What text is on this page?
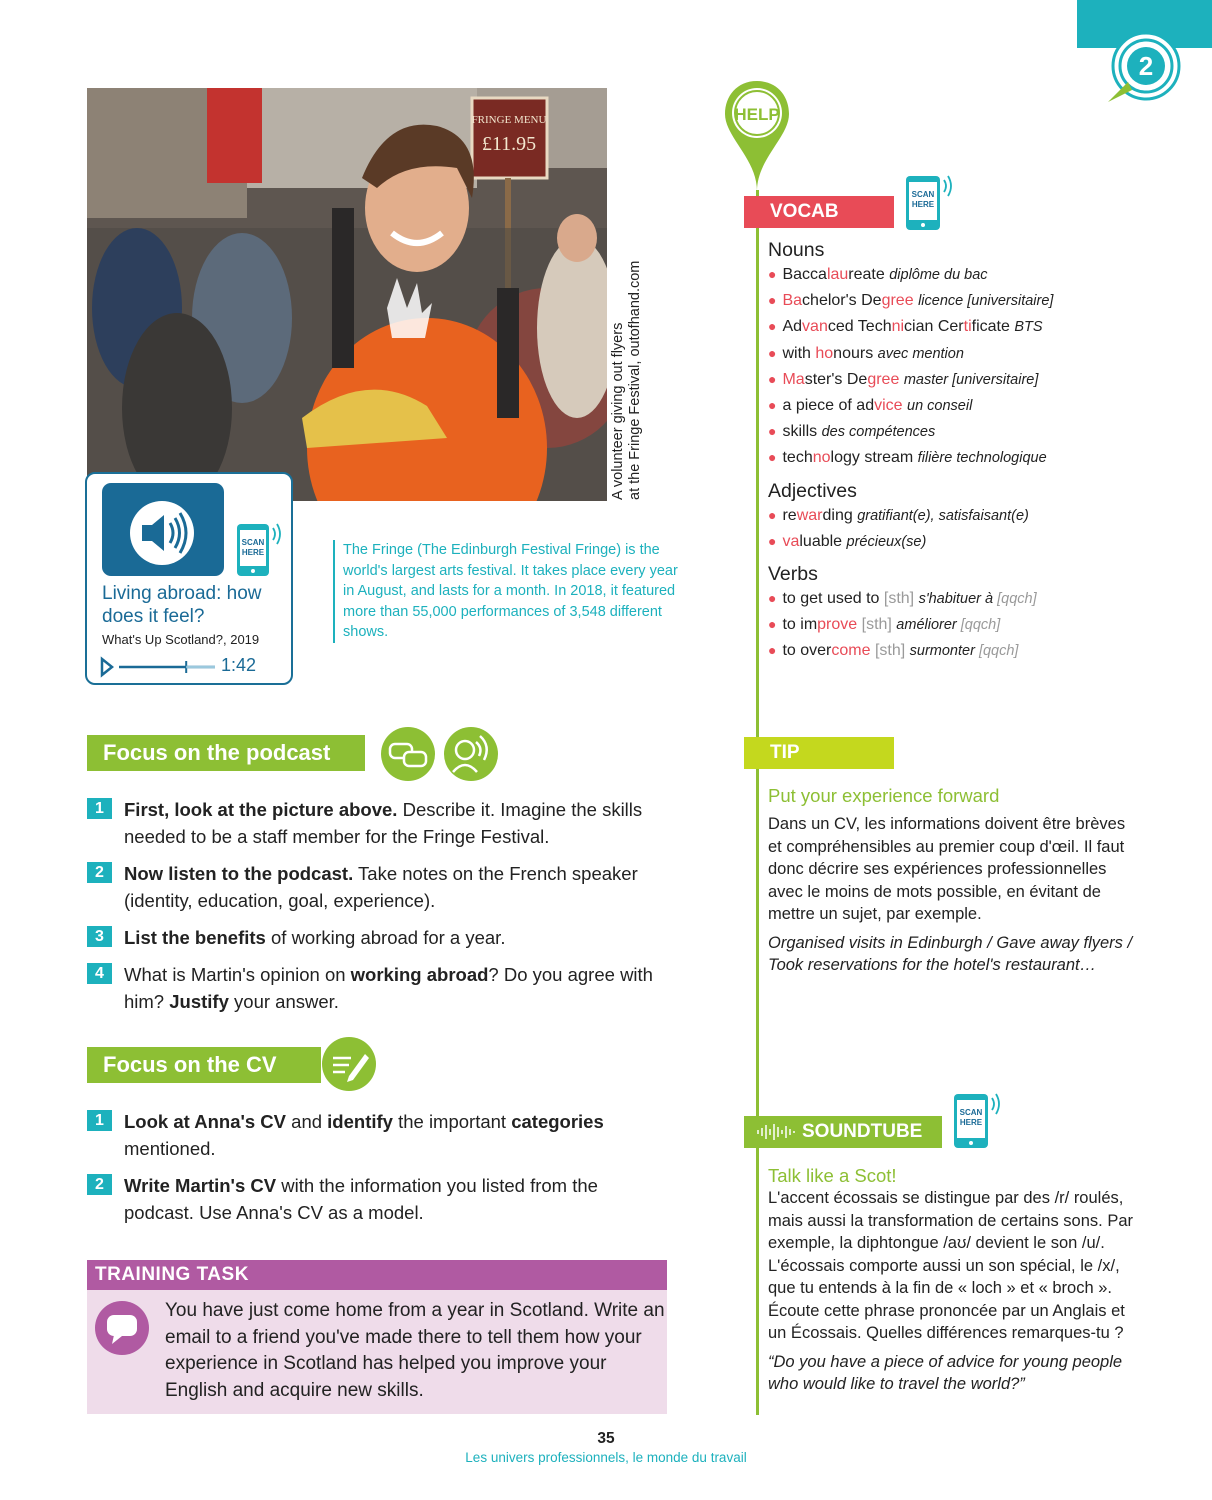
2
FRINGE MENU
£11.95
A volunteer giving out flyers at the Fringe Festival, outofhand.com
SCAN
HERE
Living abroad: how does it feel?
What's Up Scotland?, 2019
1:42
The Fringe (The Edinburgh Festival Fringe) is the world's largest arts festival. It takes place every year in August, and lasts for a month. In 2018, it featured more than 55,000 performances of 3,548 different shows.
Focus on the podcast
1	First, look at the picture above. Describe it. Imagine the skills needed to be a staff member for the Fringe Festival.
2	Now listen to the podcast. Take notes on the French speaker (identity, education, goal, experience).
3	List the benefits of working abroad for a year.
4	What is Martin's opinion on working abroad? Do you agree with him? Justify your answer.
Focus on the CV
1	Look at Anna's CV and identify the important categories mentioned.
2	Write Martin's CV with the information you listed from the podcast. Use Anna's CV as a model.
TRAINING TASK
You have just come home from a year in Scotland. Write an email to a friend you've made there to tell them how your experience in Scotland has helped you improve your English and acquire new skills.
HELP
VOCAB
SCAN
HERE
Nouns
● Baccalaureate diplôme du bac
● Bachelor's Degree licence [universitaire]
● Advanced Technician Certificate BTS
● with honours avec mention
● Master's Degree master [universitaire]
● a piece of advice un conseil
● skills des compétences
● technology stream filière technologique
Adjectives
● rewarding gratifiant(e), satisfaisant(e)
● valuable précieux(se)
Verbs
● to get used to [sth] s'habituer à [qqch]
● to improve [sth] améliorer [qqch]
● to overcome [sth] surmonter [qqch]
TIP
Put your experience forward
Dans un CV, les informations doivent être brèves et compréhensibles au premier coup d'œil. Il faut donc décrire ses expériences professionnelles avec le moins de mots possible, en évitant de mettre un sujet, par exemple.
Organised visits in Edinburgh / Gave away flyers / Took reservations for the hotel's restaurant…
SOUNDTUBE
SCAN
HERE
Talk like a Scot!
L'accent écossais se distingue par des /r/ roulés, mais aussi la transformation de certains sons. Par exemple, la diphtongue /aʊ/ devient le son /u/. L'écossais comporte aussi un son spécial, le /x/, que tu entends à la fin de « loch » et « broch ». Écoute cette phrase prononcée par un Anglais et un Écossais. Quelles différences remarques-tu ?
“Do you have a piece of advice for young people who would like to travel the world?”
35
Les univers professionnels, le monde du travail
